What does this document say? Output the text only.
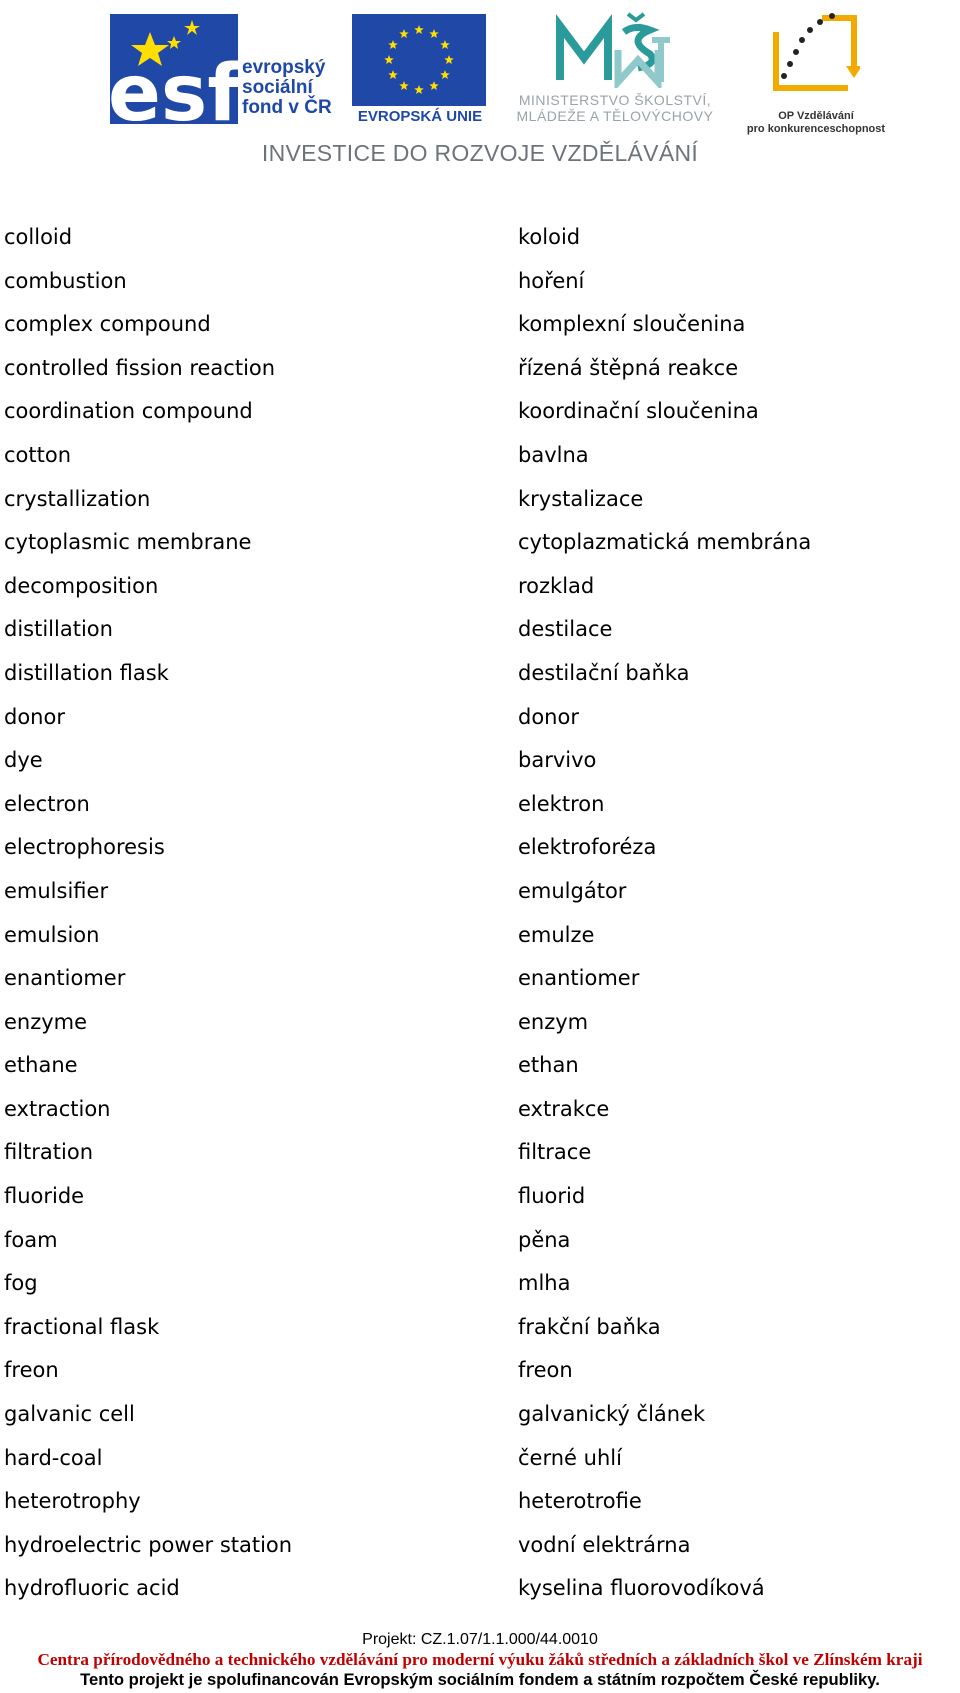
esf evropský
sociální
fond v ČR	EVROPSKÁ UNIE
MINISTERSTVO ŠKOLSTVÍ,
MLÁDEŽE A TĚLOVÝCHOVY	OP Vzdělávání
pro konkurenceschopnost
INVESTICE DO ROZVOJE VZDĚLÁVÁNÍ
colloid	koloid
combustion	hoření
complex compound	komplexní sloučenina
controlled fission reaction	řízená štěpná reakce
coordination compound	koordinační sloučenina
cotton	bavlna
crystallization	krystalizace
cytoplasmic membrane	cytoplazmatická membrána
decomposition	rozklad
distillation	destilace
distillation flask	destilační baňka
donor	donor
dye	barvivo
electron	elektron
electrophoresis	elektroforéza
emulsifier	emulgátor
emulsion	emulze
enantiomer	enantiomer
enzyme	enzym
ethane	ethan
extraction	extrakce
filtration	filtrace
fluoride	fluorid
foam	pěna
fog	mlha
fractional flask	frakční baňka
freon	freon
galvanic cell	galvanický článek
hard-coal	černé uhlí
heterotrophy	heterotrofie
hydroelectric power station	vodní elektrárna
hydrofluoric acid	kyselina fluorovodíková
Projekt: CZ.1.07/1.1.000/44.0010
Centra přírodovědného a technického vzdělávání pro moderní výuku žáků středních a základních škol ve Zlínském kraji
Tento projekt je spolufinancován Evropským sociálním fondem a státním rozpočtem České republiky.
